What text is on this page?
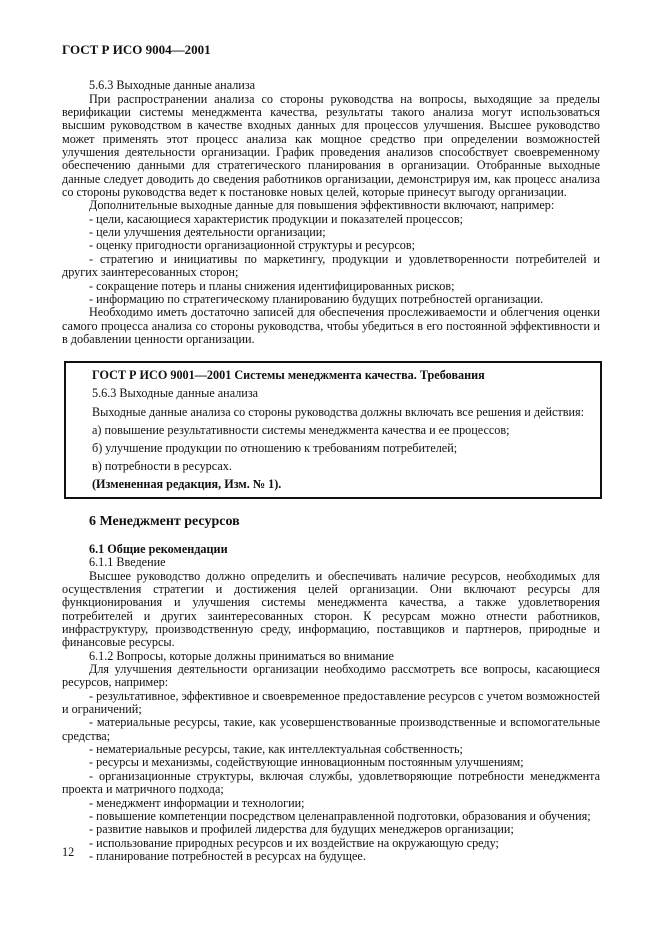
ГОСТ Р ИСО 9004—2001

5.6.3 Выходные данные анализа

При распространении анализа со стороны руководства на вопросы, выходящие за пределы верификации системы менеджмента качества, результаты такого анализа могут использоваться высшим руководством в качестве входных данных для процессов улучшения. Высшее руководство может применять этот процесс анализа как мощное средство при определении возможностей улучшения деятельности организации. График проведения анализов способствует своевременному обеспечению данными для стратегического планирования в организации. Отобранные выходные данные следует доводить до сведения работников организации, демонстрируя им, как процесс анализа со стороны руководства ведет к постановке новых целей, которые принесут выгоду организации.

Дополнительные выходные данные для повышения эффективности включают, например:

- цели, касающиеся характеристик продукции и показателей процессов;

- цели улучшения деятельности организации;

- оценку пригодности организационной структуры и ресурсов;

- стратегию и инициативы по маркетингу, продукции и удовлетворенности потребителей и других заинтересованных сторон;

- сокращение потерь и планы снижения идентифицированных рисков;

- информацию по стратегическому планированию будущих потребностей организации.

Необходимо иметь достаточно записей для обеспечения прослеживаемости и облегчения оценки самого процесса анализа со стороны руководства, чтобы убедиться в его постоянной эффективности и в добавлении ценности организации.

ГОСТ Р ИСО 9001—2001 Системы менеджмента качества. Требования

5.6.3 Выходные данные анализа

Выходные данные анализа со стороны руководства должны включать все решения и действия:

а) повышение результативности системы менеджмента качества и ее процессов;

б) улучшение продукции по отношению к требованиям потребителей;

в) потребности в ресурсах.

(Измененная редакция, Изм. № 1).

6 Менеджмент ресурсов

6.1 Общие рекомендации

6.1.1 Введение

Высшее руководство должно определить и обеспечивать наличие ресурсов, необходимых для осуществления стратегии и достижения целей организации. Они включают ресурсы для функционирования и улучшения системы менеджмента качества, а также удовлетворения потребителей и других заинтересованных сторон. К ресурсам можно отнести работников, инфраструктуру, производственную среду, информацию, поставщиков и партнеров, природные и финансовые ресурсы.

6.1.2 Вопросы, которые должны приниматься во внимание

Для улучшения деятельности организации необходимо рассмотреть все вопросы, касающиеся ресурсов, например:

- результативное, эффективное и своевременное предоставление ресурсов с учетом возможностей и ограничений;

- материальные ресурсы, такие, как усовершенствованные производственные и вспомогательные средства;

- нематериальные ресурсы, такие, как интеллектуальная собственность;

- ресурсы и механизмы, содействующие инновационным постоянным улучшениям;

- организационные структуры, включая службы, удовлетворяющие потребности менеджмента проекта и матричного подхода;

- менеджмент информации и технологии;

- повышение компетенции посредством целенаправленной подготовки, образования и обучения;

- развитие навыков и профилей лидерства для будущих менеджеров организации;

- использование природных ресурсов и их воздействие на окружающую среду;

- планирование потребностей в ресурсах на будущее.

12
